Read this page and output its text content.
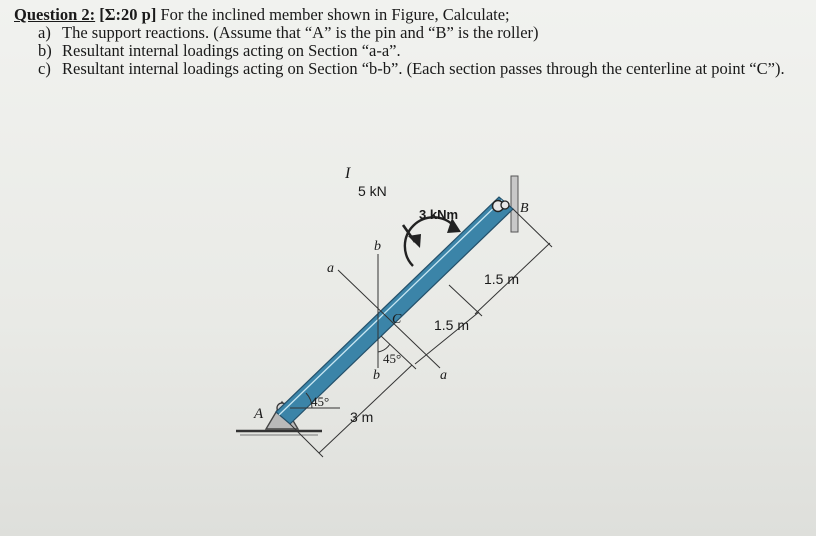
Question 2: [Σ:20 p] For the inclined member shown in Figure, Calculate;
a) The support reactions. (Assume that “A” is the pin and “B” is the roller)
b) Resultant internal loadings acting on Section “a-a”.
c) Resultant internal loadings acting on Section “b-b”. (Each section passes through the centerline at point “C”).
45°
a
a
b
b
45°
C
I
5 kN
3 kNm
A
B
3 m
1.5 m
1.5 m
